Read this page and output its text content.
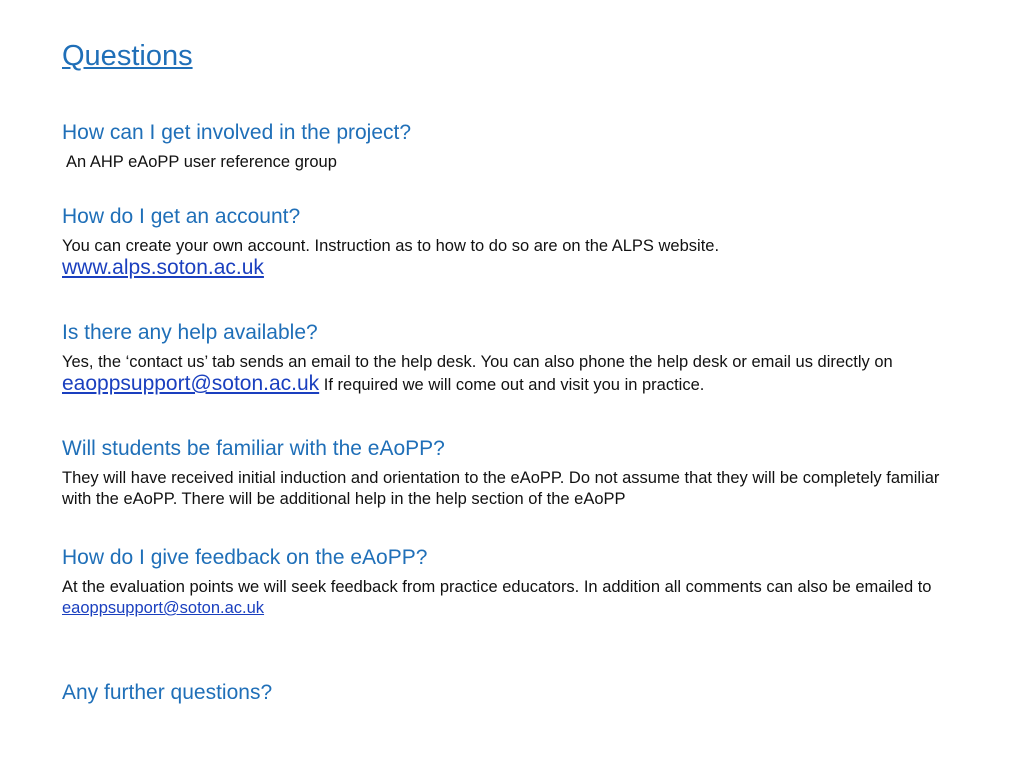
Questions
How can I get involved in the project?

An AHP eAoPP user reference group

How do I get an account?

You can create your own account. Instruction as to how to do so are on the ALPS website.

www.alps.soton.ac.uk
Is there any help available?

Yes, the ‘contact us’ tab sends an email to the help desk. You can also phone the help desk or email us directly on eaoppsupport@soton.ac.uk If required we will come out and visit you in practice.

Will students be familiar with the eAoPP?

They will have received initial induction and orientation to the eAoPP. Do not assume that they will be completely familiar with the eAoPP. There will be additional help in the help section of the eAoPP

How do I give feedback on the eAoPP?

At the evaluation points we will seek feedback from practice educators. In addition all comments can also be emailed to eaoppsupport@soton.ac.uk

Any further questions?
